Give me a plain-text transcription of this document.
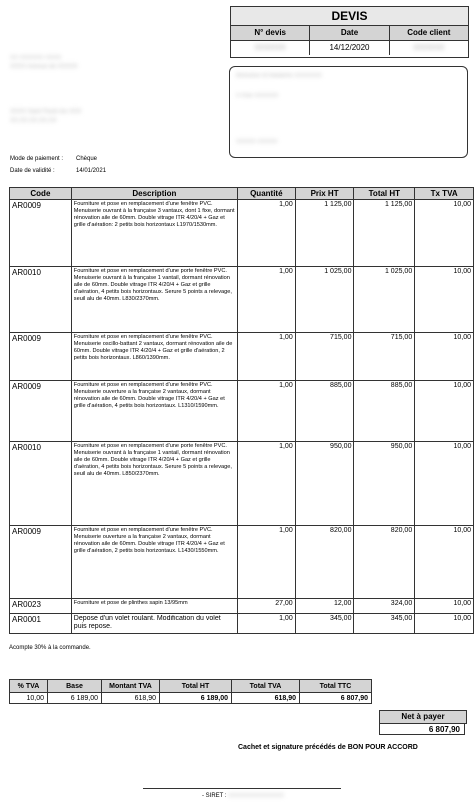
DEVIS
N° devis	Date	Code client
0000000	14/12/2020	0000000
XX XXXXXX XXXX
XXXX Avenue de XXXXX
XXXX Saint Paulo les XXX
XX.XX.XX.XX.XX
Monsieur et Madame XXXXXXX
X Rue XXXXXX
XXXXX XXXXX
Mode de paiement : Chèque
Date de validité :	14/01/2021
Code	Description	Quantité	Prix HT	Total HT	Tx TVA
AR0009	Fourniture et pose en remplacement d'une fenêtre PVC. Menuiserie ouvrant à la française 3 vantaux, dont 1 fixe, dormant rénovation aile de 60mm. Double vitrage ITR 4/20/4 + Gaz et grille d'aération: 2 petits bois horizontaux L1970/1530mm.	1,00	1 125,00	1 125,00	10,00
AR0010	Fourniture et pose en remplacement d'une porte fenêtre PVC. Menuiserie ouvrant à la française 1 vantail, dormant rénovation aile de 60mm. Double vitrage ITR 4/20/4 + Gaz et grille d'aération, 4 petits bois horizontaux. Serure 5 points a relevage, seuil alu de 40mm. L830/2370mm.	1,00	1 025,00	1 025,00	10,00
AR0009	Fourniture et pose en remplacement d'une fenêtre PVC. Menuiserie oscillo-battant 2 vantaux, dormant rénovation aile de 60mm. Double vitrage ITR 4/20/4 + Gaz et grille d'aération, 2 petits bois horizontaux. L860/1390mm.	1,00	715,00	715,00	10,00
AR0009	Fourniture et pose en remplacement d'une fenêtre PVC. Menuiserie ouverture a la française 2 vantaux, dormant rénovation aile de 60mm. Double vitrage ITR 4/20/4 + Gaz et grille d'aération, 4 petits bois horizontaux. L1310/1590mm.	1,00	885,00	885,00	10,00
AR0010	Fourniture et pose en remplacement d'une porte fenêtre PVC. Menuiserie ouvrant à la française 1 vantail, dormant rénovation aile de 60mm. Double vitrage ITR 4/20/4 + Gaz et grille d'aération, 4 petits bois horizontaux. Serure 5 points a relevage, seuil alu de 40mm. L850/2370mm.	1,00	950,00	950,00	10,00
AR0009	Fourniture et pose en remplacement d'une fenêtre PVC. Menuiserie ouverture a la française 2 vantaux, dormant rénovation aile de 60mm. Double vitrage ITR 4/20/4 + Gaz et grille d'aération, 2 petits bois horizontaux. L1430/1550mm.	1,00	820,00	820,00	10,00
AR0023	Fourniture et pose de plinthes sapin 13/95mm	27,00	12,00	324,00	10,00
AR0001	Depose d'un volet roulant. Modification du volet puis repose.	1,00	345,00	345,00	10,00
Acompte 30% à la commande.
% TVA	Base	Montant TVA	Total HT	Total TVA	Total TTC
10,00	6 189,00	618,90	6 189,00	618,90	6 807,90
Net à payer
6 807,90
Cachet et signature précédés de BON POUR ACCORD
- SIRET : XXXXXXXXXXXXXX
